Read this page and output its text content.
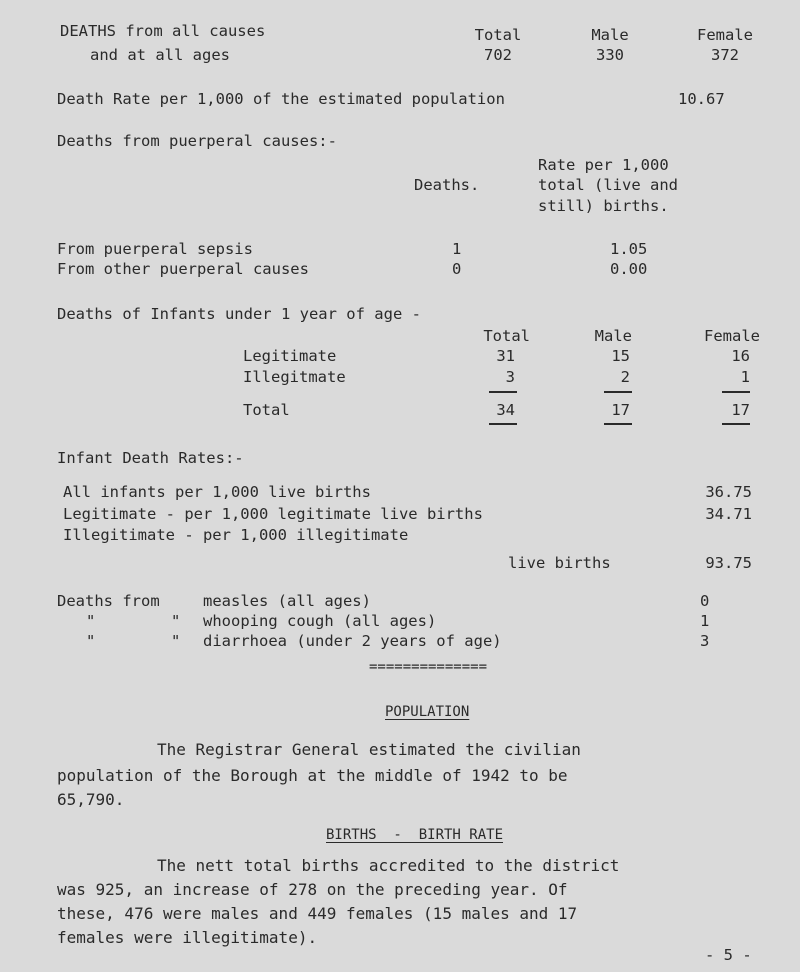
DEATHS from all causes
and at all ages
Total	Male	Female
702	330	372
Death Rate per 1,000 of the estimated population	10.67
Deaths from puerperal causes:-
Rate per 1,000
Deaths.	total (live and
still) births.
From puerperal sepsis	1	1.05
From other puerperal causes	0	0.00
Deaths of Infants under 1 year of age -
Total	Male	Female
Legitimate	31	15	16
Illegitmate	3	2	1
Total	34	17	17
Infant Death Rates:-
All infants per 1,000 live births	36.75
Legitimate - per 1,000 legitimate live births	34.71
Illegitimate - per 1,000 illegitimate
live births	93.75
Deaths from	measles (all ages)	0
"	" whooping cough (all ages)	1
"	" diarrhoea (under 2 years of age)	3
==============
POPULATION
The Registrar General estimated the civilian
population of the Borough at the middle of 1942 to be
65,790.
BIRTHS  -  BIRTH RATE
The nett total births accredited to the district
was 925, an increase of 278 on the preceding year. Of
these, 476 were males and 449 females (15 males and 17
females were illegitimate).
- 5 -
